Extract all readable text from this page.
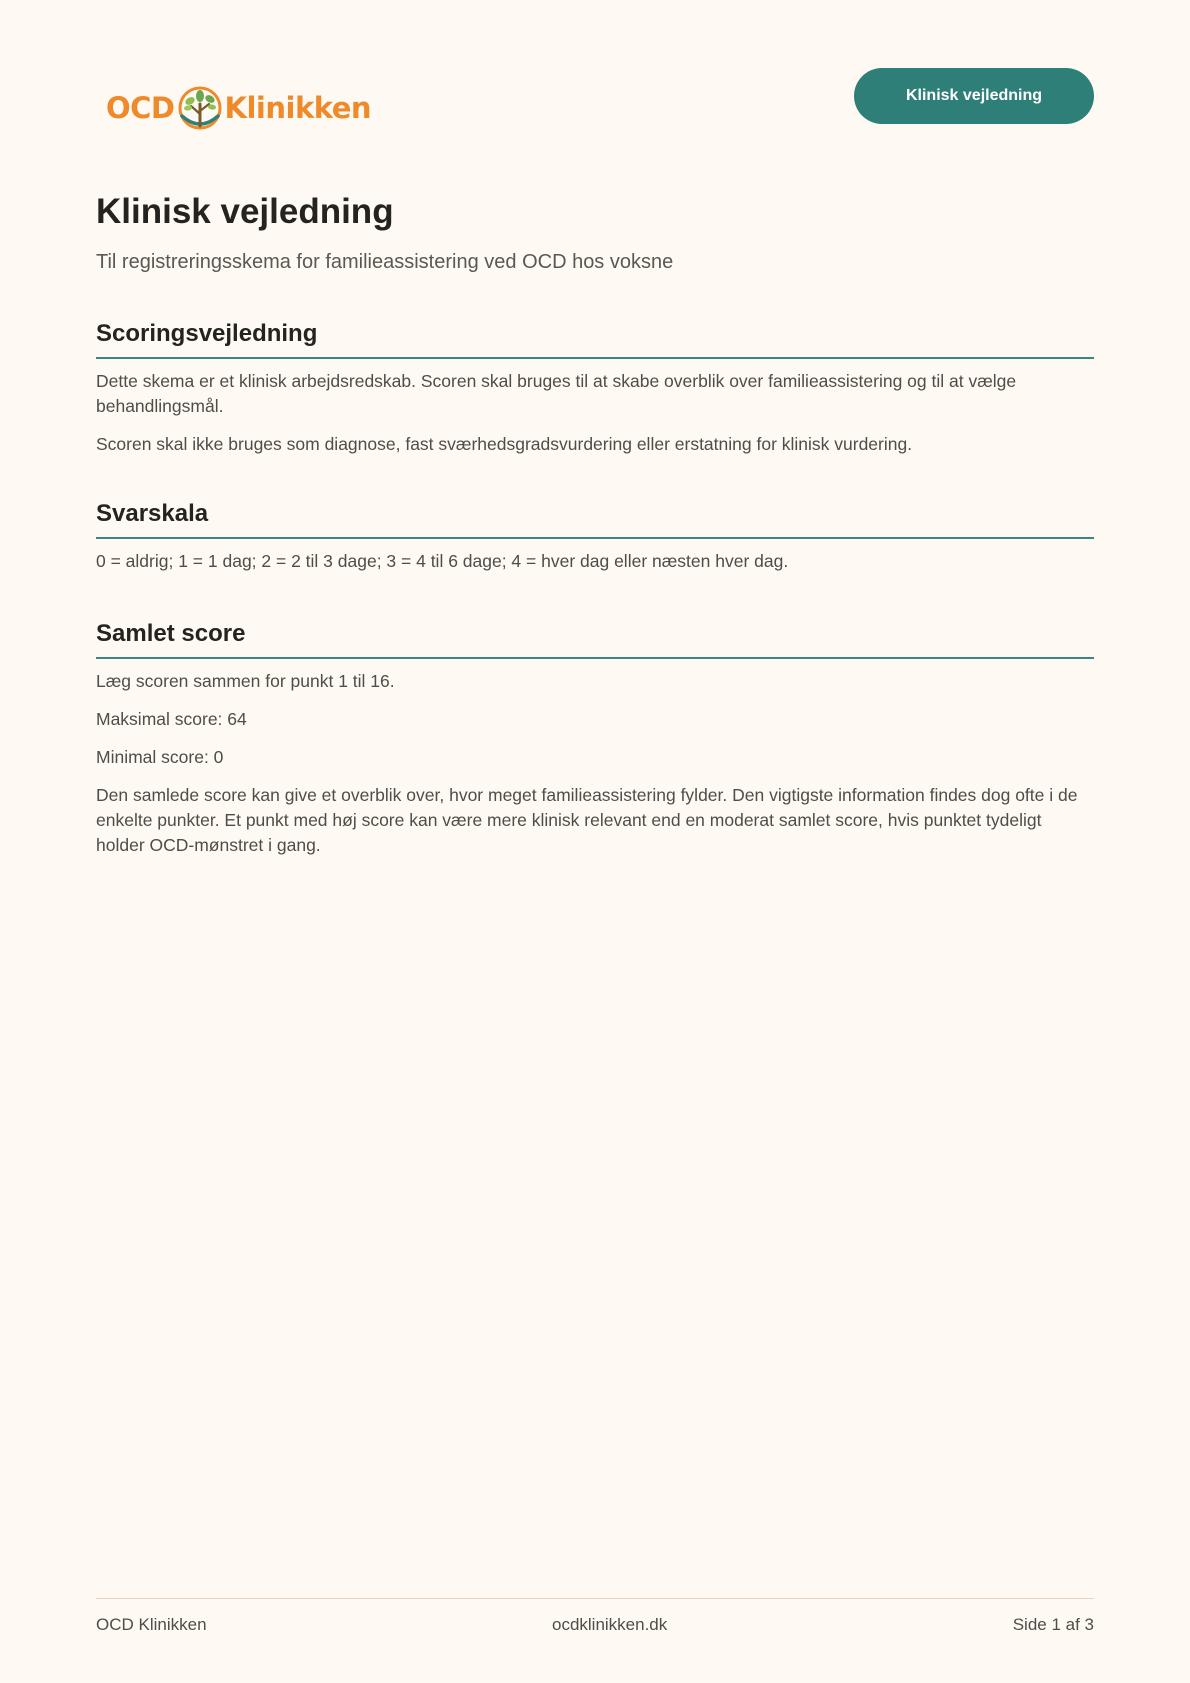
OCD Klinikken	Klinisk vejledning
Klinisk vejledning

Til registreringsskema for familieassistering ved OCD hos voksne

Scoringsvejledning

Dette skema er et klinisk arbejdsredskab. Scoren skal bruges til at skabe overblik over familieassistering og til at vælge behandlingsmål.

Scoren skal ikke bruges som diagnose, fast sværhedsgradsvurdering eller erstatning for klinisk vurdering.

Svarskala

0 = aldrig; 1 = 1 dag; 2 = 2 til 3 dage; 3 = 4 til 6 dage; 4 = hver dag eller næsten hver dag.

Samlet score

Læg scoren sammen for punkt 1 til 16.

Maksimal score: 64

Minimal score: 0

Den samlede score kan give et overblik over, hvor meget familieassistering fylder. Den vigtigste information findes dog ofte i de enkelte punkter. Et punkt med høj score kan være mere klinisk relevant end en moderat samlet score, hvis punktet tydeligt holder OCD-mønstret i gang.

OCD Klinikken	ocdklinikken.dk	Side 1 af 3
